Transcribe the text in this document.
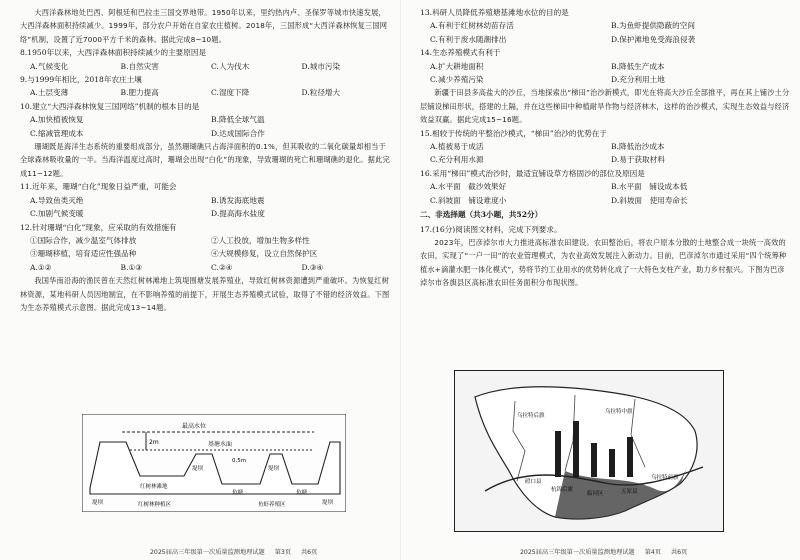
大西洋森林地处巴西、阿根廷和巴拉圭三国交界地带。1950年以来，里约热内卢、圣保罗等城市快速发展，大西洋森林面积持续减少。1999年，部分农户开始在自家农庄植树。2018年，三国形成“大西洋森林恢复三国网络”机制，设置了近7000平方千米的森林。据此完成8~10题。

8.1950年以来，大西洋森林面积持续减少的主要原因是

A.气候变化	B.自然灾害	C.人为伐木	D.城市污染

9.与1999年相比，2018年农庄土壤

A.土层变薄	B.肥力提高	C.湿度下降	D.粒径增大

10.建立“大西洋森林恢复三国网络”机制的根本目的是

A.加快植被恢复	B.降低全球气温
C.缩减管理成本	D.达成国际合作

珊瑚既是海洋生态系统的重要组成部分，虽然珊瑚礁只占海洋面积的0.1%，但其吸收的二氧化碳量却相当于全球森林吸收量的一半。当海洋温度过高时，珊瑚会出现“白化”的现象，导致珊瑚的死亡和珊瑚礁的退化。据此完成11~12题。

11.近年来，珊瑚“白化”现象日益严重，可能会

A.导致鱼类灭绝	B.诱发海底地震
C.加剧气候变暖	D.提高海水盐度

12.针对珊瑚“白化”现象，应采取的有效措施有

①国际合作，减少温室气体排放	②人工投放，增加生物多样性
③珊瑚移植，培育适应性强品种	④大规模修复，设立自然保护区
A.①②	B.①③	C.②④	D.③④

我国华南沿海的渔民曾在天然红树林滩地上筑堤围塘发展养殖业，导致红树林资源遭到严重破坏。为恢复红树林资源，某地科研人员因地制宜，在不影响养殖的前提下，开展生态养殖模式试验，取得了不错的经济效益。下图为生态养殖模式示意图。据此完成13~14题。

2m
最高水位
基塘水面
0.5m
堤坝
红树林滩地
堤坝
鱼塘
堤坝
鱼塘
堤坝
红树林种植区	鱼虾养殖区
2025届高三年级第一次质量监测地理试题 第3页 共6页

13.科研人员降低养殖塘基滩地水位的目的是

A.有利于红树林幼苗存活	B.为鱼虾提供隐蔽的空间
C.有利于废水随潮排出	D.保护滩地免受海浪侵袭

14.生态养殖模式有利于

A.扩大耕地面积	B.降低生产成本
C.减少养殖污染	D.充分利用土地

新疆于田县多高盐大的沙丘，当地探索出“梯田”治沙新模式，即光在将高大沙丘全部推平，再在其上铺沙土分层铺设梯田形状，搭建的土隔，并在这些梯田中种植耐旱作物与经济林木，这样的治沙模式，实现生态效益与经济效益双赢。据此完成15~16题。

15.相较于传统的平整治沙模式，“梯田”治沙的优势在于

A.植被易于成活	B.降低治沙成本
C.充分利用水源	D.易于获取材料

16.采用“梯田”模式治沙时，最适宜铺设草方格固沙的部位及原因是

A.水平面　截沙效果好	B.水平面　铺设成本低
C.斜坡面　铺设难度小	D.斜坡面　使用寿命长

二、非选择题（共3小题，共52分）

17.(16分)阅读图文材料，完成下列要求。

2023年，巴彦淖尔市大力推进高标准农田建设。农田整治后，将农户原本分散的土地整合成一块统一高效的农田，实现了“一户一田”的农业管理模式，为农业高效发展注入新动力。目前，巴彦淖尔市通过采用“四个统筹种植水+滴灌水肥一体化模式”，势将节约工业用水的优势转化成了一大特色支柱产业，助力乡村振兴。下图为巴彦淖尔市各旗县区高标准农田任务面积分布现状图。

磴口县
杭锦后旗
临河区	五原县
乌拉特前旗
乌拉特中旗
乌拉特后旗
2025届高三年级第一次质量监测地理试题 第4页 共6页
